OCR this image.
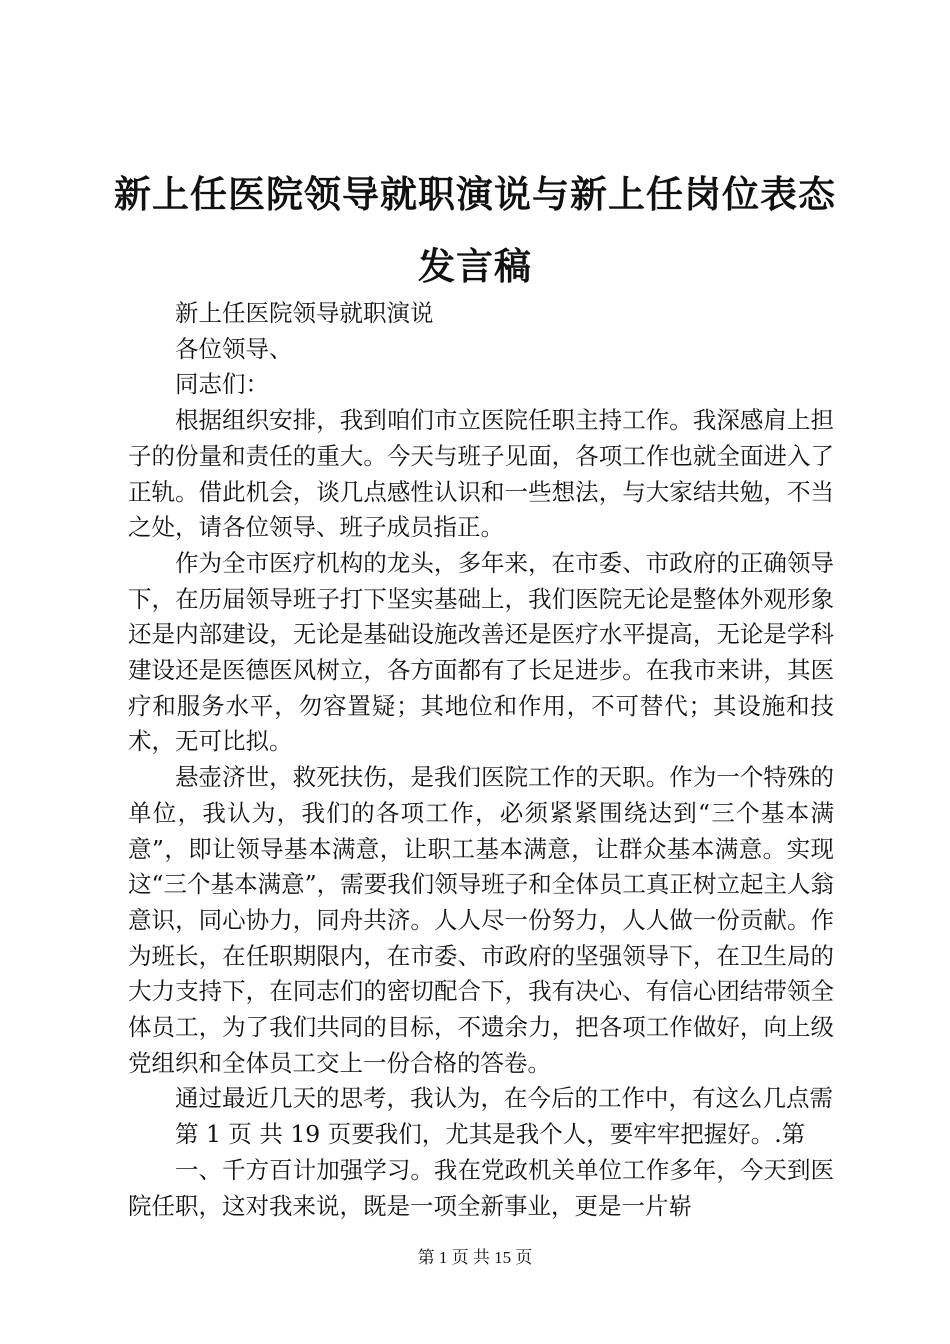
新上任医院领导就职演说与新上任岗位表态发言稿

新上任医院领导就职演说

各位领导、

同志们：

根据组织安排，我到咱们市立医院任职主持工作。我深感肩上担子的份量和责任的重大。今天与班子见面，各项工作也就全面进入了正轨。借此机会，谈几点感性认识和一些想法，与大家结共勉，不当之处，请各位领导、班子成员指正。

作为全市医疗机构的龙头，多年来，在市委、市政府的正确领导下，在历届领导班子打下坚实基础上，我们医院无论是整体外观形象还是内部建设，无论是基础设施改善还是医疗水平提高，无论是学科建设还是医德医风树立，各方面都有了长足进步。在我市来讲，其医疗和服务水平，勿容置疑；其地位和作用，不可替代；其设施和技术，无可比拟。

悬壶济世，救死扶伤，是我们医院工作的天职。作为一个特殊的单位，我认为，我们的各项工作，必须紧紧围绕达到“三个基本满意”，即让领导基本满意，让职工基本满意，让群众基本满意。实现这“三个基本满意”，需要我们领导班子和全体员工真正树立起主人翁意识，同心协力，同舟共济。人人尽一份努力，人人做一份贡献。作为班长，在任职期限内，在市委、市政府的坚强领导下，在卫生局的大力支持下，在同志们的密切配合下，我有决心、有信心团结带领全体员工，为了我们共同的目标，不遗余力，把各项工作做好，向上级党组织和全体员工交上一份合格的答卷。

通过最近几天的思考，我认为，在今后的工作中，有这么几点需

第 1 页 共 19 页要我们，尤其是我个人，要牢牢把握好。.第

一、千方百计加强学习。我在党政机关单位工作多年，今天到医院任职，这对我来说，既是一项全新事业，更是一片崭

第 1 页 共 15 页
